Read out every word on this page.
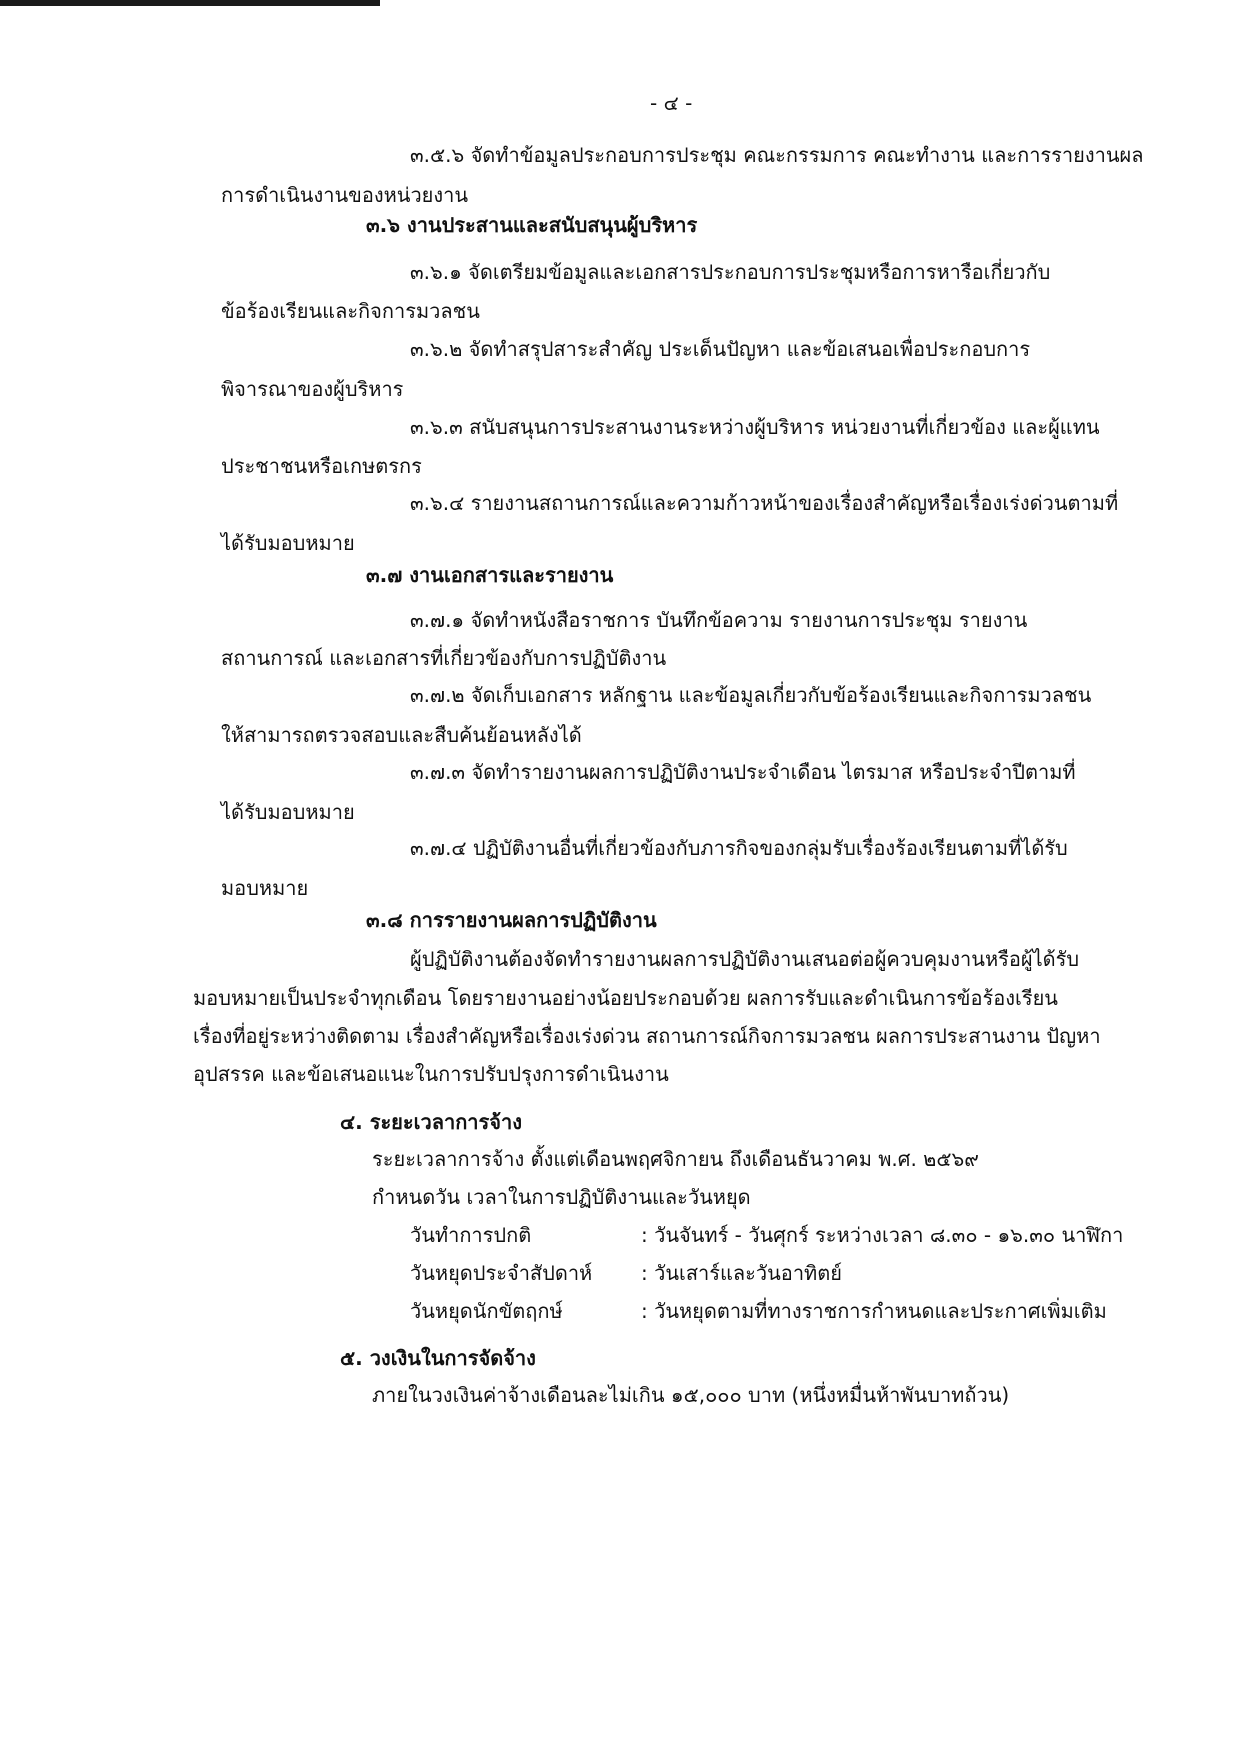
- ๔ -
๓.๕.๖ จัดทำข้อมูลประกอบการประชุม คณะกรรมการ คณะทำงาน และการรายงานผล
การดำเนินงานของหน่วยงาน
๓.๖ งานประสานและสนับสนุนผู้บริหาร
๓.๖.๑ จัดเตรียมข้อมูลและเอกสารประกอบการประชุมหรือการหารือเกี่ยวกับ
ข้อร้องเรียนและกิจการมวลชน
๓.๖.๒ จัดทำสรุปสาระสำคัญ ประเด็นปัญหา และข้อเสนอเพื่อประกอบการ
พิจารณาของผู้บริหาร
๓.๖.๓ สนับสนุนการประสานงานระหว่างผู้บริหาร หน่วยงานที่เกี่ยวข้อง และผู้แทน
ประชาชนหรือเกษตรกร
๓.๖.๔ รายงานสถานการณ์และความก้าวหน้าของเรื่องสำคัญหรือเรื่องเร่งด่วนตามที่
ได้รับมอบหมาย
๓.๗ งานเอกสารและรายงาน
๓.๗.๑ จัดทำหนังสือราชการ บันทึกข้อความ รายงานการประชุม รายงาน
สถานการณ์ และเอกสารที่เกี่ยวข้องกับการปฏิบัติงาน
๓.๗.๒ จัดเก็บเอกสาร หลักฐาน และข้อมูลเกี่ยวกับข้อร้องเรียนและกิจการมวลชน
ให้สามารถตรวจสอบและสืบค้นย้อนหลังได้
๓.๗.๓ จัดทำรายงานผลการปฏิบัติงานประจำเดือน ไตรมาส หรือประจำปีตามที่
ได้รับมอบหมาย
๓.๗.๔ ปฏิบัติงานอื่นที่เกี่ยวข้องกับภารกิจของกลุ่มรับเรื่องร้องเรียนตามที่ได้รับ
มอบหมาย
๓.๘ การรายงานผลการปฏิบัติงาน
ผู้ปฏิบัติงานต้องจัดทำรายงานผลการปฏิบัติงานเสนอต่อผู้ควบคุมงานหรือผู้ได้รับ
มอบหมายเป็นประจำทุกเดือน โดยรายงานอย่างน้อยประกอบด้วย ผลการรับและดำเนินการข้อร้องเรียน
เรื่องที่อยู่ระหว่างติดตาม เรื่องสำคัญหรือเรื่องเร่งด่วน สถานการณ์กิจการมวลชน ผลการประสานงาน ปัญหา
อุปสรรค และข้อเสนอแนะในการปรับปรุงการดำเนินงาน
๔. ระยะเวลาการจ้าง
ระยะเวลาการจ้าง ตั้งแต่เดือนพฤศจิกายน ถึงเดือนธันวาคม พ.ศ. ๒๕๖๙
กำหนดวัน เวลาในการปฏิบัติงานและวันหยุด
วันทำการปกติ	: วันจันทร์ - วันศุกร์ ระหว่างเวลา ๘.๓๐ - ๑๖.๓๐ นาฬิกา
วันหยุดประจำสัปดาห์ : วันเสาร์และวันอาทิตย์
วันหยุดนักขัตฤกษ์	: วันหยุดตามที่ทางราชการกำหนดและประกาศเพิ่มเติม
๕. วงเงินในการจัดจ้าง
ภายในวงเงินค่าจ้างเดือนละไม่เกิน ๑๕,๐๐๐ บาท (หนึ่งหมื่นห้าพันบาทถ้วน)
